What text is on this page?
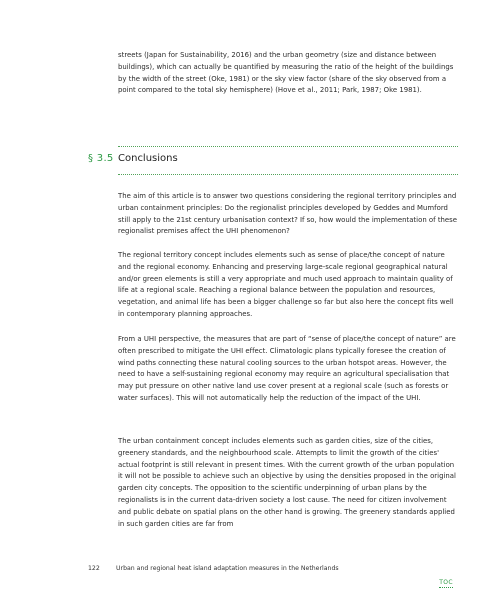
streets (Japan for Sustainability, 2016) and the urban geometry (size and distance between buildings), which can actually be quantified by measuring the ratio of the height of the buildings by the width of the street (Oke, 1981) or the sky view factor (share of the sky observed from a point compared to the total sky hemisphere) (Hove et al., 2011; Park, 1987; Oke 1981).

§ 3.5 Conclusions

The aim of this article is to answer two questions considering the regional territory principles and urban containment principles: Do the regionalist principles developed by Geddes and Mumford still apply to the 21st century urbanisation context? If so, how would the implementation of these regionalist premises affect the UHI phenomenon?

The regional territory concept includes elements such as sense of place/the concept of nature and the regional economy. Enhancing and preserving large-scale regional geographical natural and/or green elements is still a very appropriate and much used approach to maintain quality of life at a regional scale. Reaching a regional balance between the population and resources, vegetation, and animal life has been a bigger challenge so far but also here the concept fits well in contemporary planning approaches.

From a UHI perspective, the measures that are part of “sense of place/the concept of nature” are often prescribed to mitigate the UHI effect. Climatologic plans typically foresee the creation of wind paths connecting these natural cooling sources to the urban hotspot areas. However, the need to have a self-sustaining regional economy may require an agricultural specialisation that may put pressure on other native land use cover present at a regional scale (such as forests or water surfaces). This will not automatically help the reduction of the impact of the UHI.

The urban containment concept includes elements such as garden cities, size of the cities, greenery standards, and the neighbourhood scale. Attempts to limit the growth of the cities' actual footprint is still relevant in present times. With the current growth of the urban population it will not be possible to achieve such an objective by using the densities proposed in the original garden city concepts. The opposition to the scientific underpinning of urban plans by the regionalists is in the current data-driven society a lost cause. The need for citizen involvement and public debate on spatial plans on the other hand is growing. The greenery standards applied in such garden cities are far from

122	Urban and regional heat island adaptation measures in the Netherlands
TOC
